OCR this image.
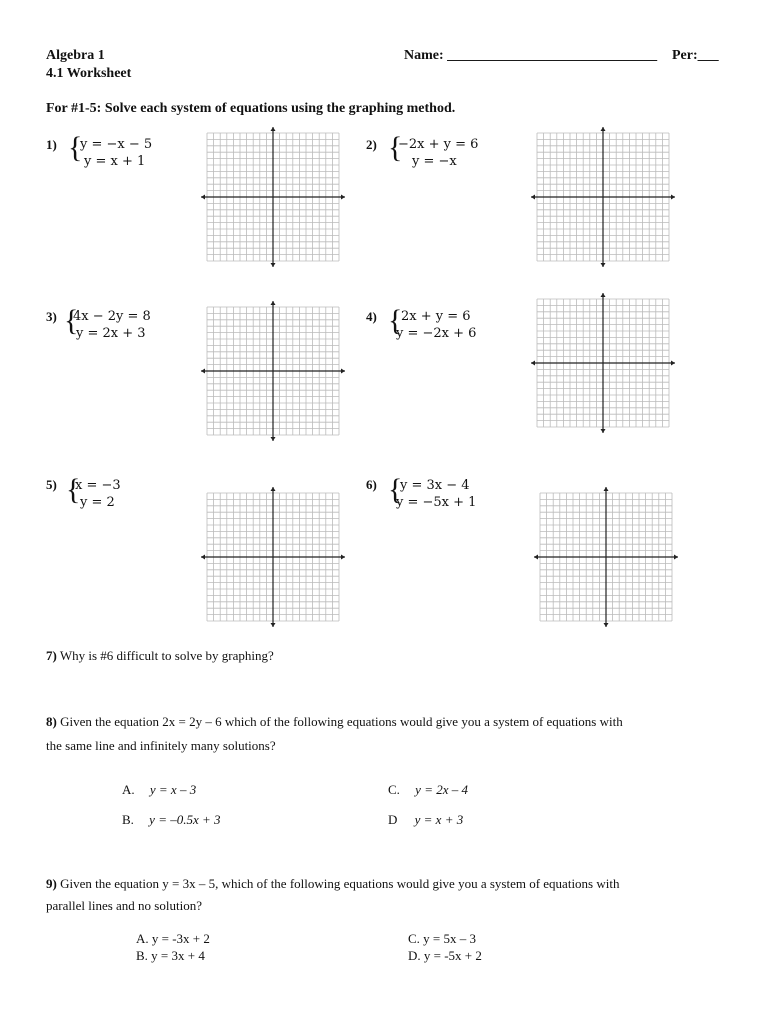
Algebra 1
4.1 Worksheet
Name: ______________________________ Per:___
For #1-5: Solve each system of equations using the graphing method.
1) {
y = −x − 5
y = x + 1
2) {
−2x + y = 6
y = −x
3) {
4x − 2y = 8
y = 2x + 3
4) {
2x + y = 6
y = −2x + 6
5) {
x = −3
y = 2
6) {
y = 3x − 4
y = −5x + 1
7) Why is #6 difficult to solve by graphing?
8) Given the equation 2x = 2y – 6 which of the following equations would give you a system of equations with
the same line and infinitely many solutions?
A. y = x – 3	C. y = 2x – 4
B. y = –0.5x + 3	D y = x + 3
9) Given the equation y = 3x – 5, which of the following equations would give you a system of equations with
parallel lines and no solution?
A. y = -3x + 2	C. y = 5x – 3
B. y = 3x + 4	D. y = -5x + 2
